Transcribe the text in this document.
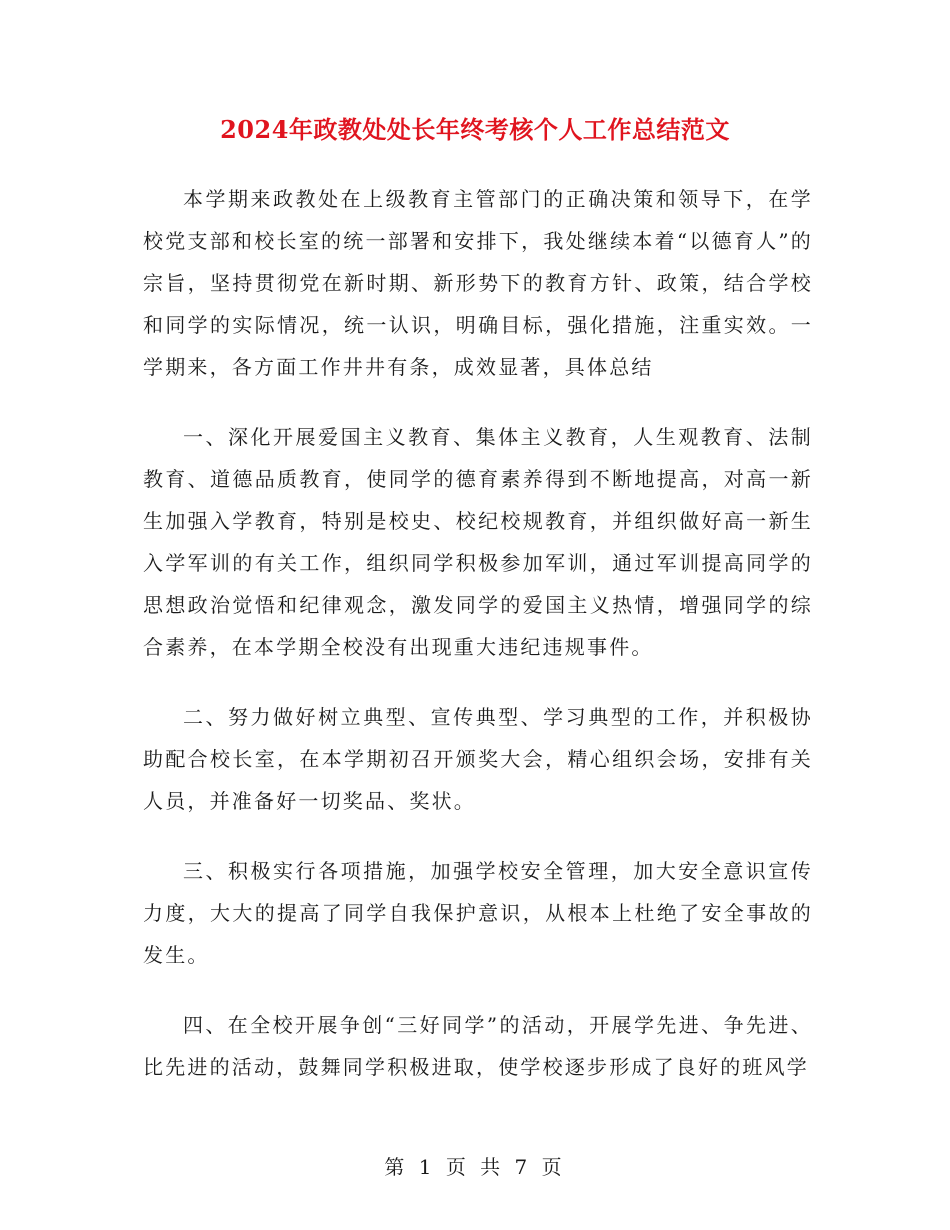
2024年政教处处长年终考核个人工作总结范文

本学期来政教处在上级教育主管部门的正确决策和领导下，在学校党支部和校长室的统一部署和安排下，我处继续本着“以德育人”的宗旨，坚持贯彻党在新时期、新形势下的教育方针、政策，结合学校和同学的实际情况，统一认识，明确目标，强化措施，注重实效。一学期来，各方面工作井井有条，成效显著，具体总结

一、深化开展爱国主义教育、集体主义教育，人生观教育、法制教育、道德品质教育，使同学的德育素养得到不断地提高，对高一新生加强入学教育，特别是校史、校纪校规教育，并组织做好高一新生入学军训的有关工作，组织同学积极参加军训，通过军训提高同学的思想政治觉悟和纪律观念，激发同学的爱国主义热情，增强同学的综合素养，在本学期全校没有出现重大违纪违规事件。

二、努力做好树立典型、宣传典型、学习典型的工作，并积极协助配合校长室，在本学期初召开颁奖大会，精心组织会场，安排有关人员，并准备好一切奖品、奖状。

三、积极实行各项措施，加强学校安全管理，加大安全意识宣传力度，大大的提高了同学自我保护意识，从根本上杜绝了安全事故的发生。

四、在全校开展争创“三好同学”的活动，开展学先进、争先进、比先进的活动，鼓舞同学积极进取，使学校逐步形成了良好的班风学

第 1 页 共 7 页
